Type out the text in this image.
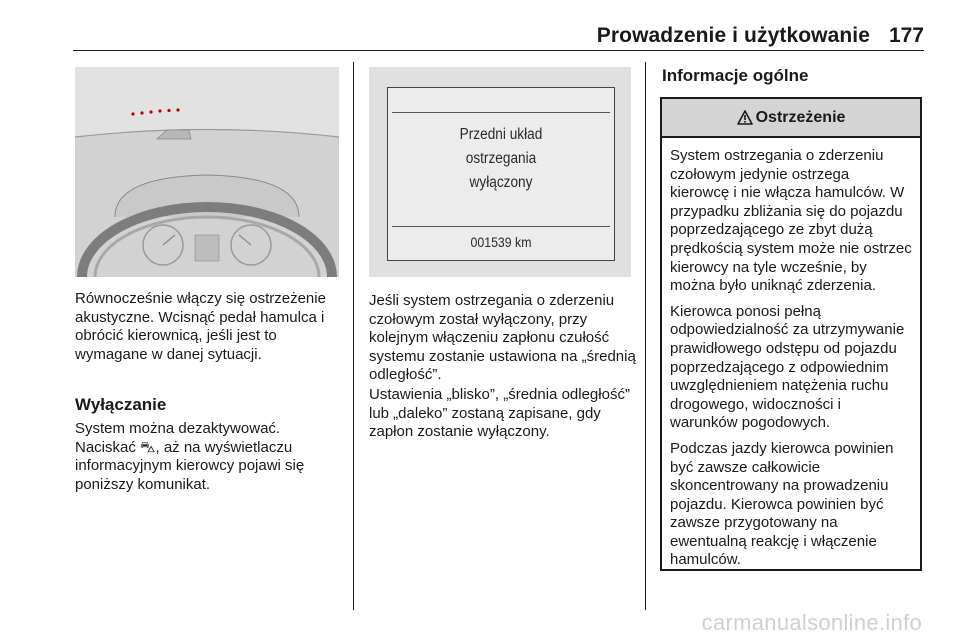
Prowadzenie i użytkowanie 177
Przedni układ
ostrzegania
wyłączony
001539 km

Równocześnie włączy się ostrzeżenie akustyczne. Wcisnąć pedał hamulca i obrócić kierownicą, jeśli jest to wymagane w danej sytuacji.

Wyłączanie

System można dezaktywować. Naciskać ⛍, aż na wyświetlaczu informacyjnym kierowcy pojawi się poniższy komunikat.

Jeśli system ostrzegania o zderzeniu czołowym został wyłączony, przy kolejnym włączeniu zapłonu czułość systemu zostanie ustawiona na „średnią odległość”.

Ustawienia „blisko”, „średnia odległość” lub „daleko” zostaną zapisane, gdy zapłon zostanie wyłączony.

Informacje ogólne
Ostrzeżenie

System ostrzegania o zderzeniu czołowym jedynie ostrzega kierowcę i nie włącza hamulców. W przypadku zbliżania się do pojazdu poprzedzającego ze zbyt dużą prędkością system może nie ostrzec kierowcy na tyle wcześnie, by można było uniknąć zderzenia.

Kierowca ponosi pełną odpowiedzialność za utrzymywanie prawidłowego odstępu od pojazdu poprzedzającego z odpowiednim uwzględnieniem natężenia ruchu drogowego, widoczności i warunków pogodowych.

Podczas jazdy kierowca powinien być zawsze całkowicie skoncentrowany na prowadzeniu pojazdu. Kierowca powinien być zawsze przygotowany na ewentualną reakcję i włączenie hamulców.

carmanualsonline.info
